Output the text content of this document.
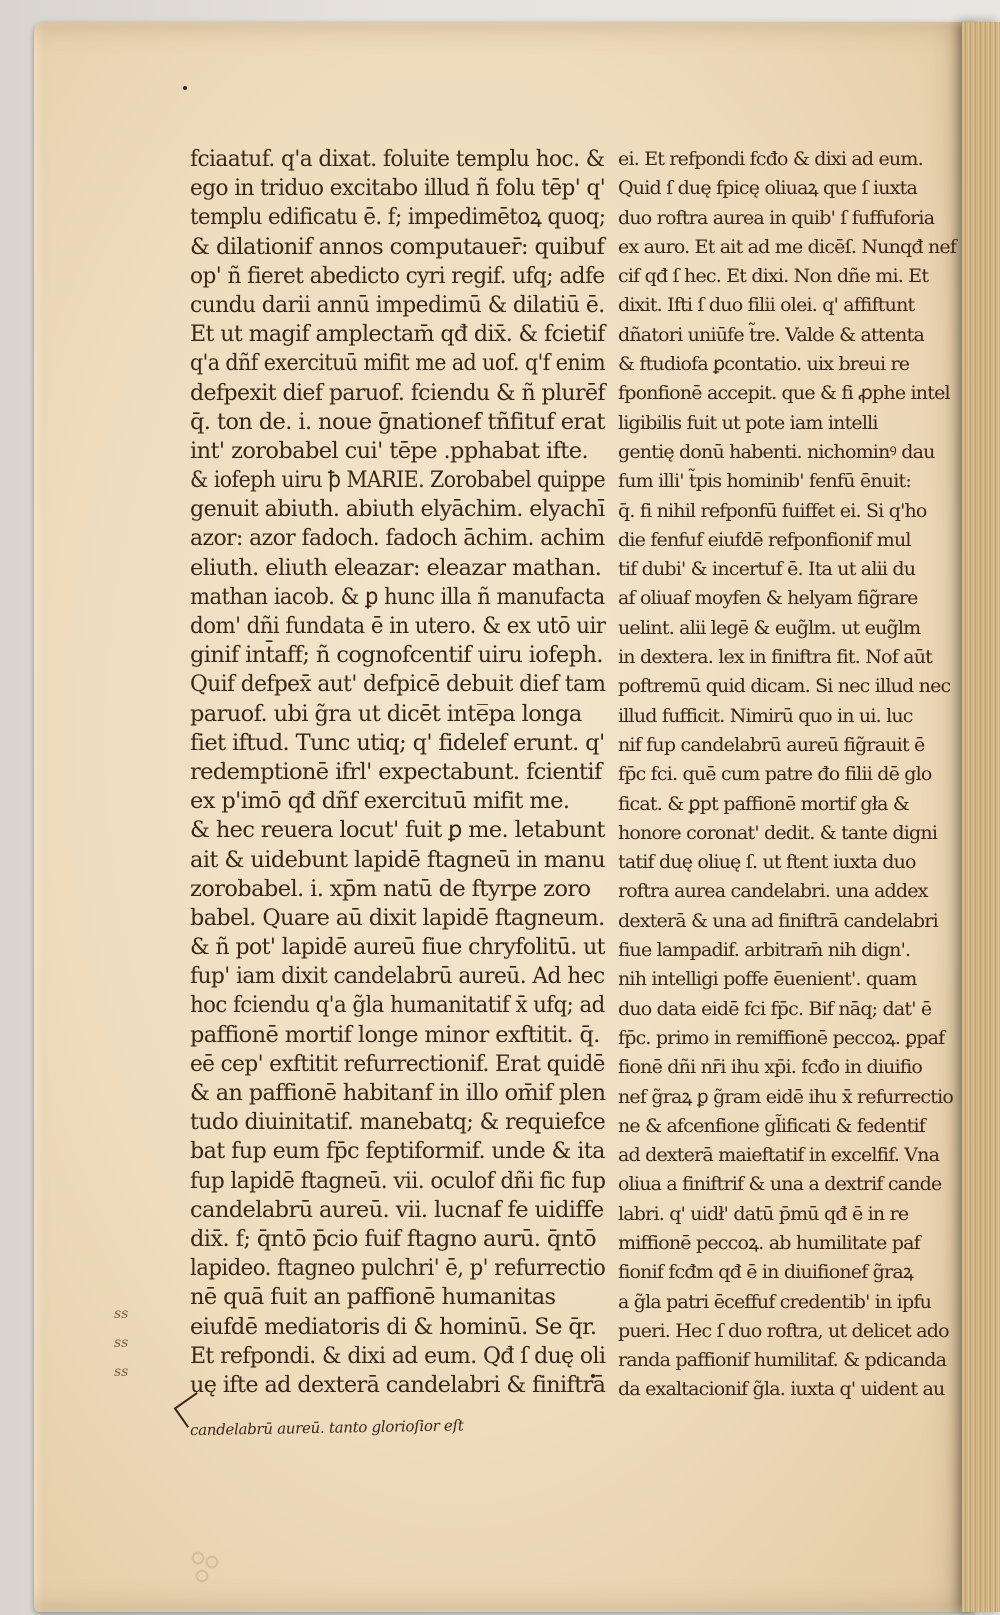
fciaatuf. q'a dixat. foluite templu hoc. &
ego in triduo excitabo illud ñ folu tēp' q'
templu edificatu ē. f; impedimētoꝝ quoq;
& dilationif annos computauer̄: quibuf
op' ñ fieret abedicto cyri regif. ufq; adfe
cundu darii annū impedimū & dilatiū ē.
Et ut magif amplectam̄ qđ dix̄. & fcietif
q'a dñf exercituū mifit me ad uof. q'f enim
defpexit dief paruof. fciendu & ñ plurēf
q̄. ton de. i. noue ḡnationef tñfituf erat
int' zorobabel cui' tēpe .pphabat ifte.
& iofeph uiru ꝥ MARIE. Zorobabel quippe
genuit abiuth. abiuth elyāchim. elyachī
azor: azor fadoch. fadoch āchim. achim
eliuth. eliuth eleazar: eleazar mathan.
mathan iacob. & ꝑ hunc illa ñ manufacta
dom' dñi fundata ē in utero. & ex utō uir
ginif int̄aff; ñ cognofcentif uiru iofeph.
Quif defpex̄ aut' defpicē debuit dief tam
paruof. ubi g̃ra ut dicēt inte̅pa longa
fiet iftud. Tunc utiq; q' fidelef erunt. q'
redemptionē ifrl' expectabunt. fcientif
ex p'imō qđ dñf exercituū mifit me.
& hec reuera locut' fuit ꝑ me. letabunt
ait & uidebunt lapidē ftagneū in manu
zorobabel. i. xp̄m natū de ftyrpe zoro
babel. Quare aū dixit lapidē ftagneum.
& ñ pot' lapidē aureū fiue chryfolitū. ut
fup' iam dixit candelabrū aureū. Ad hec
hoc fciendu q'a g̃la humanitatif x̄ ufq; ad
paffionē mortif longe minor exftitit. q̄.
eē cep' exftitit refurrectionif. Erat quidē
& an paffionē habitanf in illo om̄if plen
tudo diuinitatif. manebatq; & requiefce
bat fup eum fp̄c feptiformif. unde & ita
fup lapidē ftagneū. vii. oculof dñi fic fup
candelabrū aureū. vii. lucnaf fe uidiffe
dix̄. f; q̄ntō p̄cio fuif ftagno aurū. q̄ntō
lapideo. ftagneo pulchri' ē, p' refurrectio
nē quā fuit an paffionē humanitas
eiufdē mediatoris di & hominū. Se q̄r.
Et refpondi. & dixi ad eum. Qđ ſ duę oli
uę ifte ad dexterā candelabri & finiftrā
ei. Et refpondi fcđo & dixi ad eum.
Quid ſ duę fpicę oliuaꝝ que ſ iuxta
duo roftra aurea in quib' ſ fuffuforia
ex auro. Et ait ad me dicēſ. Nunqđ nef
cif qđ ſ hec. Et dixi. Non dñe mi. Et
dixit. Ifti ſ duo filii olei. q' affiftunt
dñatori uniūfe t̃re. Valde & attenta
& ftudiofa ꝑcontatio. uix breui re
fponfionē accepit. que & fi ꝓphe intel
ligibilis fuit ut pote iam intelli
gentię donū habenti. nichominꝰ dau
fum illi' t̃pis hominib' fenfū ēnuit:
q̄. fi nihil refponfū fuiffet ei. Si q'ho
die fenfuf eiufdē refponfionif mul
tif dubi' & incertuf ē. Ita ut alii du
af oliuaf moyfen & helyam fig̃rare
uelint. alii legē & eug̃lm. ut eug̃lm
in dextera. lex in finiftra fit. Nof aūt
poftremū quid dicam. Si nec illud nec
illud fufficit. Nimirū quo in ui. luc
nif fup candelabrū aureū fig̃rauit ē
fp̄c fci. quē cum patre đo filii dē glo
ficat. & ꝑpt paffionē mortif gła &
honore coronat' dedit. & tante digni
tatif duę oliuę ſ. ut ftent iuxta duo
roftra aurea candelabri. una addex
dexterā & una ad finiftrā candelabri
fiue lampadif. arbitram̄ nih dign'.
nih intelligi poffe ēuenient'. quam
duo data eidē fci fp̄c. Bif nāq; dat' ē
fp̄c. primo in remiffionē peccoꝝ. ꝑpaf
fionē dñi nr̄i ihu xp̄i. fcđo in diuifio
nef g̃raꝝ ꝑ g̃ram eidē ihu x̄ refurrectio
ne & afcenfione gl̃ificati & fedentif
ad dexterā maieftatif in excelfif. Vna
oliua a finiftrif & una a dextrif cande
labri. q' uidł' datū p̄mū qđ ē in re
miffionē peccoꝝ. ab humilitate paf
fionif fcđm qđ ē in diuifionef g̃raꝝ
a g̃la patri ēceffuf credentib' in ipfu
pueri. Hec ſ duo roftra, ut delicet ado
randa paffionif humilitaf. & pdicanda
da exaltacionif g̃la. iuxta q' uident au
ss
ss
ss
candelabrū aureū. tanto glorioſior eſt
